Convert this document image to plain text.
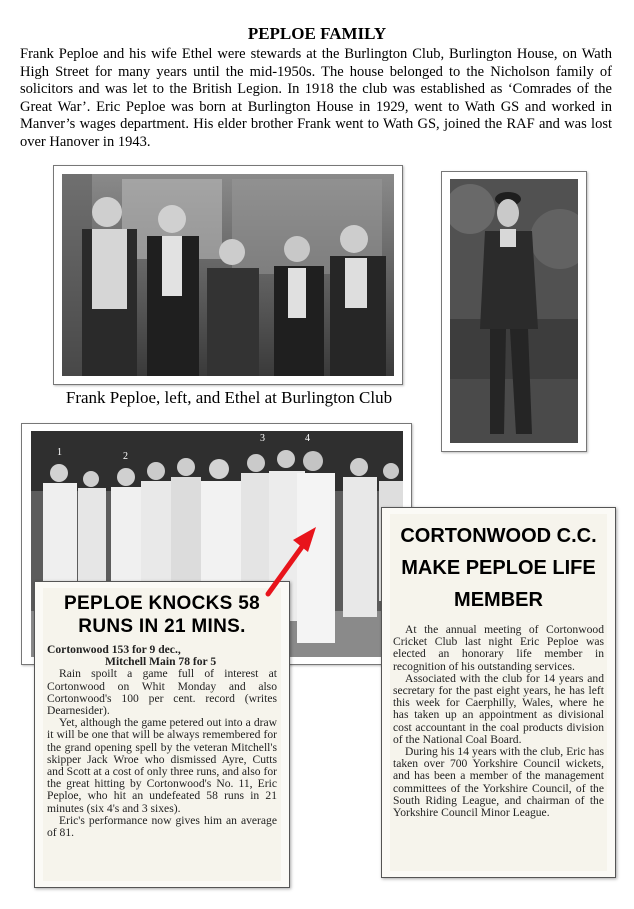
PEPLOE FAMILY
Frank Peploe and his wife Ethel were stewards at the Burlington Club, Burlington House, on Wath High Street for many years until the mid-1950s. The house belonged to the Nicholson family of solicitors and was let to the British Legion. In 1918 the club was established as ‘Comrades of the Great War’. Eric Peploe was born at Burlington House in 1929, went to Wath GS and worked in Manver’s wages department. His elder brother Frank went to Wath GS, joined the RAF and was lost over Hanover in 1943.
Frank Peploe, left, and Ethel at Burlington Club
1	2
3	4
PEPLOE KNOCKS 58 RUNS IN 21 MINS.
Cortonwood 153 for 9 dec.,
Mitchell Main 78 for 5

Rain spoilt a game full of interest at Cortonwood on Whit Monday and also Cortonwood's 100 per cent. record (writes Dearnesider).

Yet, although the game petered out into a draw it will be one that will be always remembered for the grand opening spell by the veteran Mitchell's skipper Jack Wroe who dismissed Ayre, Cutts and Scott at a cost of only three runs, and also for the great hitting by Cortonwood's No. 11, Eric Peploe, who hit an undefeated 58 runs in 21 minutes (six 4's and 3 sixes).

Eric's performance now gives him an average of 81.

CORTONWOOD C.C. MAKE PEPLOE LIFE MEMBER

At the annual meeting of Cortonwood Cricket Club last night Eric Peploe was elected an honorary life member in recognition of his outstanding services.

Associated with the club for 14 years and secretary for the past eight years, he has left this week for Caerphilly, Wales, where he has taken up an appointment as divisional cost accountant in the coal products division of the National Coal Board.

During his 14 years with the club, Eric has taken over 700 Yorkshire Council wickets, and has been a member of the management committees of the Yorkshire Council, of the South Riding League, and chairman of the Yorkshire Council Minor League.
